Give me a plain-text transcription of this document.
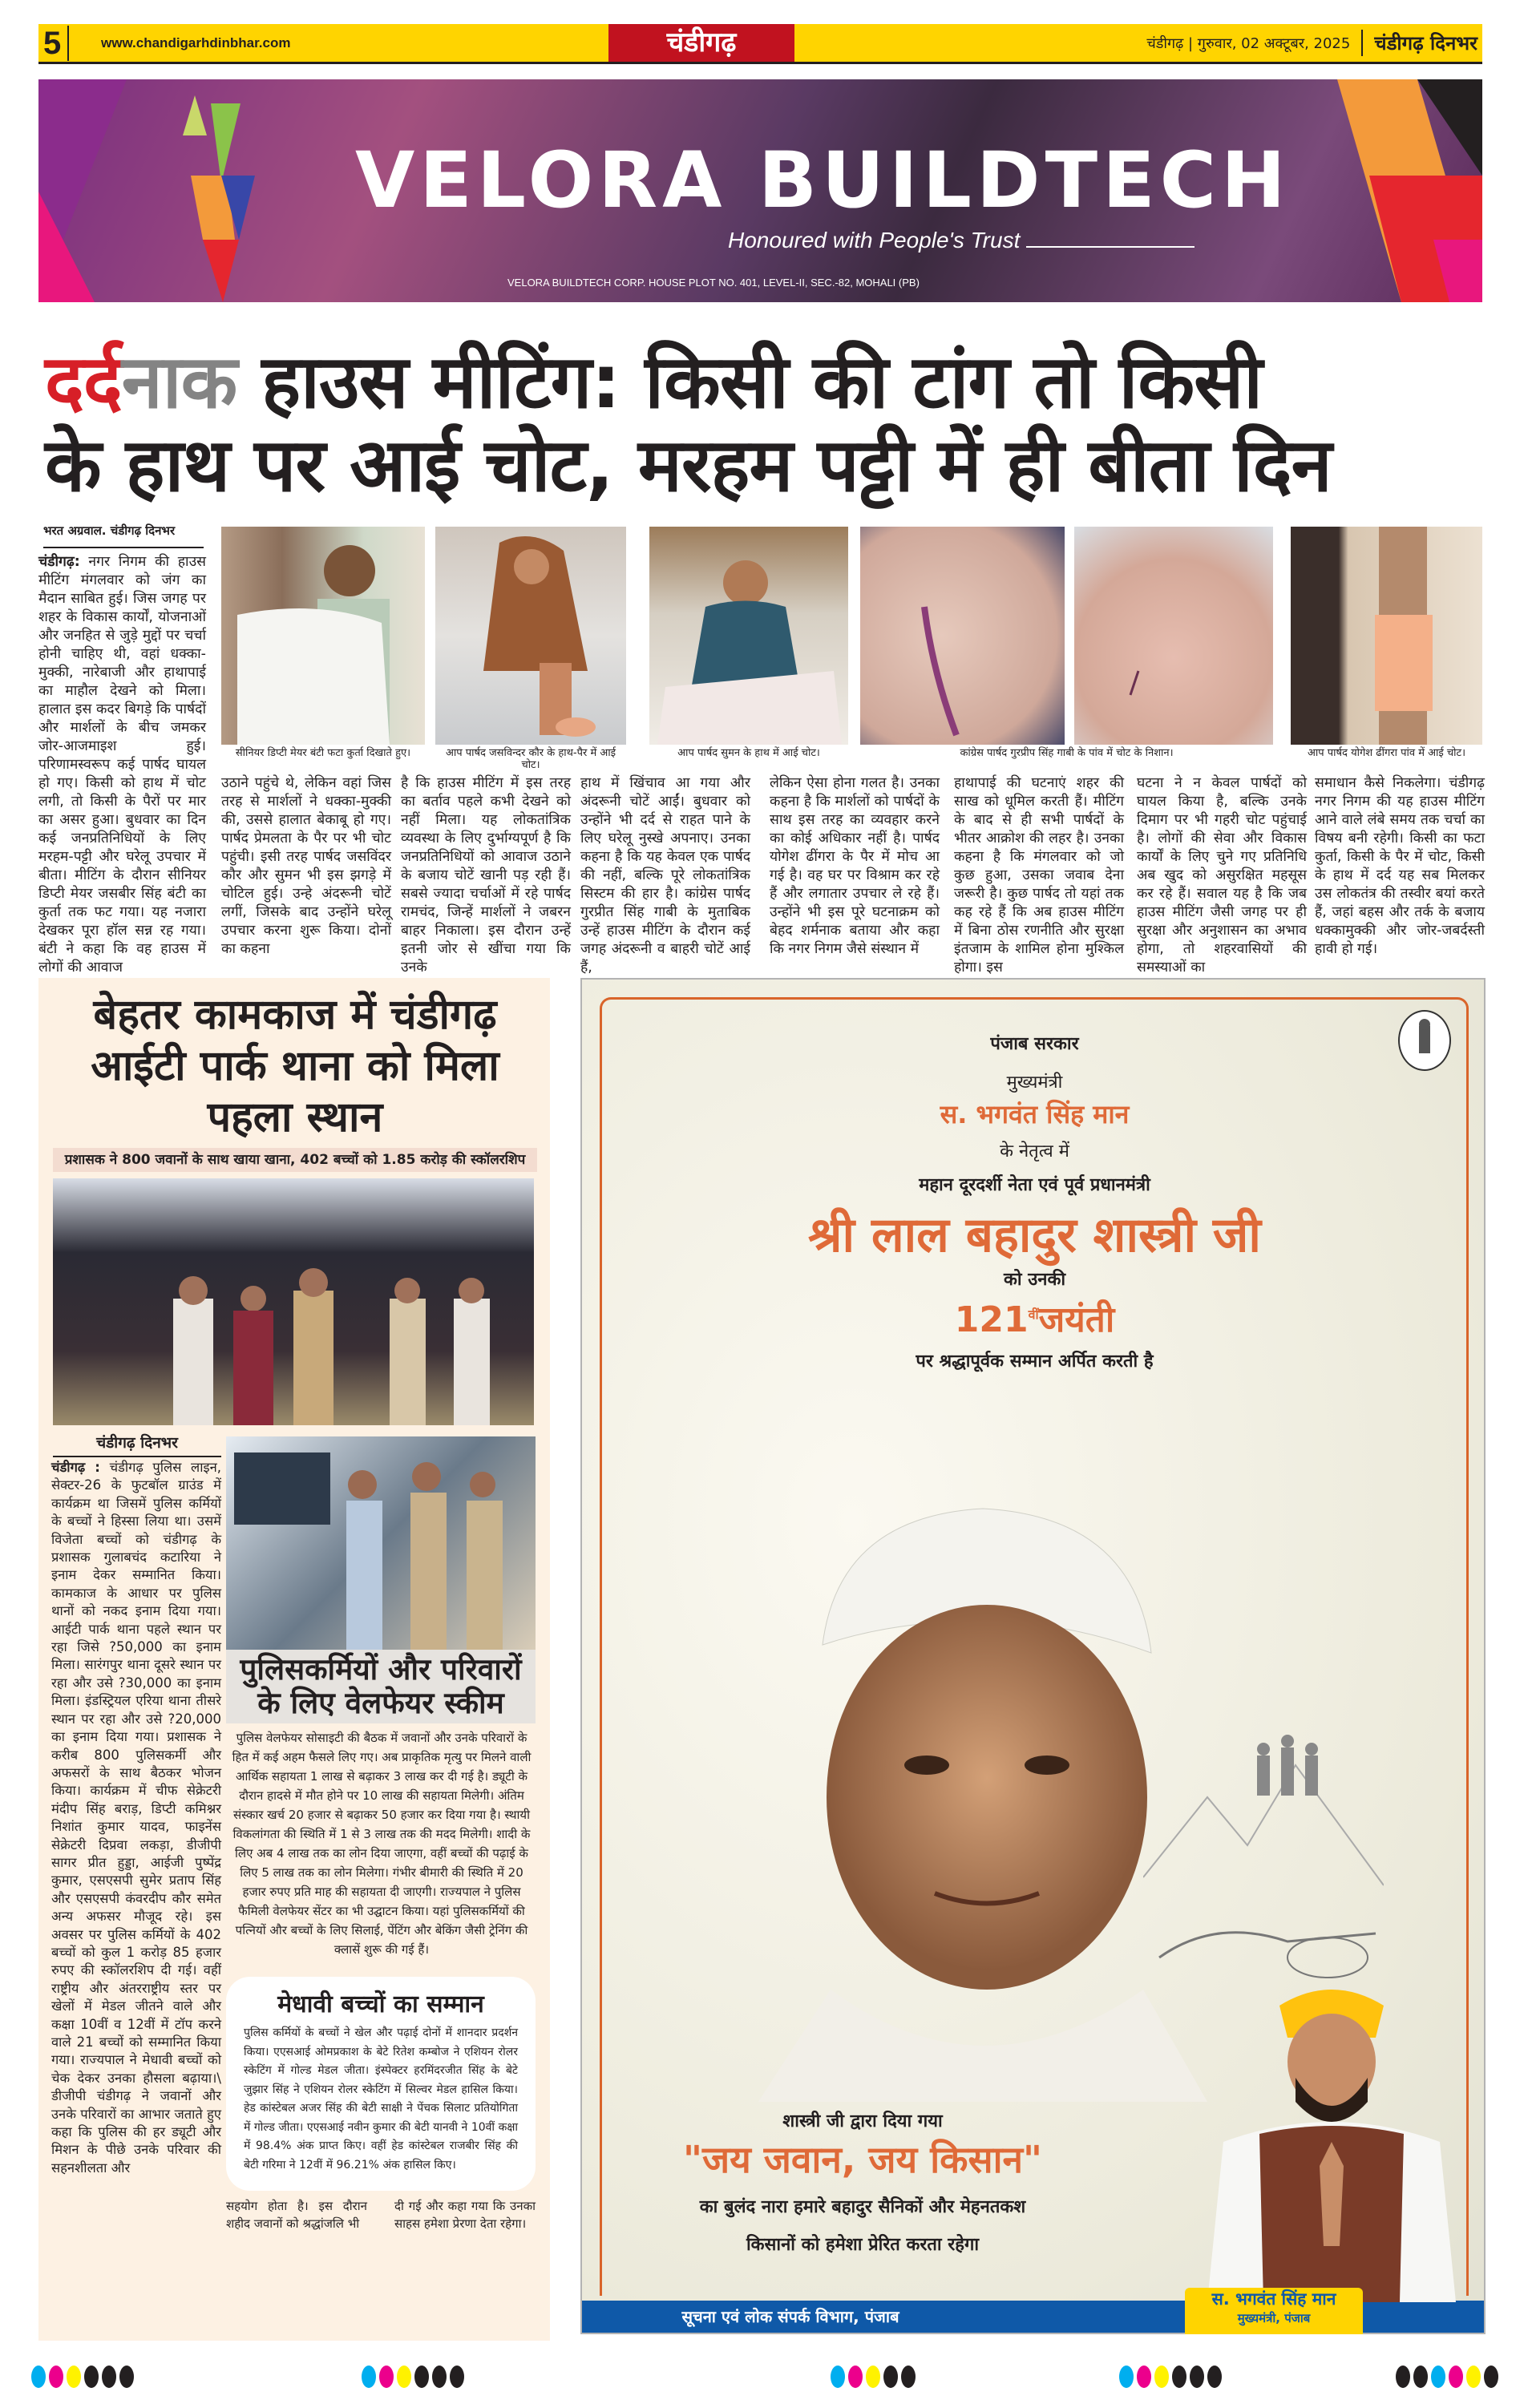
5	www.chandigarhdinbhar.com	चंडीगढ़	चंडीगढ़ | गुरुवार, 02 अक्टूबर, 2025	चंडीगढ़ दिनभर
VELORA BUILDTECH
Honoured with People's Trust
VELORA BUILDTECH CORP. HOUSE PLOT NO. 401, LEVEL-II, SEC.-82, MOHALI (PB)
दर्दनाक हाउस मीटिंग: किसी की टांग तो किसी
के हाथ पर आई चोट, मरहम पट्टी में ही बीता दिन
भरत अग्रवाल. चंडीगढ़ दिनभर
चंडीगढ़: नगर निगम की हाउस मीटिंग मंगलवार को जंग का मैदान साबित हुई। जिस जगह पर शहर के विकास कार्यों, योजनाओं और जनहित से जुड़े मुद्दों पर चर्चा होनी चाहिए थी, वहां धक्का-मुक्की, नारेबाजी और हाथापाई का माहौल देखने को मिला। हालात इस कदर बिगड़े कि पार्षदों और मार्शलों के बीच जमकर जोर-आजमाइश हुई। परिणामस्वरूप कई पार्षद घायल हो गए। किसी को हाथ में चोट लगी, तो किसी के पैरों पर मार का असर हुआ। बुधवार का दिन कई जनप्रतिनिधियों के लिए मरहम-पट्टी और घरेलू उपचार में बीता। मीटिंग के दौरान सीनियर डिप्टी मेयर जसबीर सिंह बंटी का कुर्ता तक फट गया। यह नजारा देखकर पूरा हॉल सन्न रह गया। बंटी ने कहा कि वह हाउस में लोगों की आवाज
सीनियर डिप्टी मेयर बंटी फटा कुर्ता दिखाते हुए।	आप पार्षद जसविन्दर कौर के हाथ-पैर में आई चोट।
आप पार्षद सुमन के हाथ में आई चोट।	कांग्रेस पार्षद गुरप्रीप सिंह गाबी के पांव में चोट के निशान।	आप पार्षद योगेश ढींगरा पांव में आई चोट।
उठाने पहुंचे थे, लेकिन वहां जिस तरह से मार्शलों ने धक्का-मुक्की की, उससे हालात बेकाबू हो गए। पार्षद प्रेमलता के पैर पर भी चोट पहुंची। इसी तरह पार्षद जसविंदर कौर और सुमन भी इस झगड़े में चोटिल हुई। उन्हे अंदरूनी चोटें लगीं, जिसके बाद उन्होंने घरेलू उपचार करना शुरू किया। दोनों का कहना
है कि हाउस मीटिंग में इस तरह का बर्ताव पहले कभी देखने को नहीं मिला। यह लोकतांत्रिक व्यवस्था के लिए दुर्भाग्यपूर्ण है कि जनप्रतिनिधियों को आवाज उठाने के बजाय चोटें खानी पड़ रही हैं। सबसे ज्यादा चर्चाओं में रहे पार्षद रामचंद, जिन्हें मार्शलों ने जबरन बाहर निकाला। इस दौरान उन्हें इतनी जोर से खींचा गया कि उनके
हाथ में खिंचाव आ गया और अंदरूनी चोटें आईं। बुधवार को उन्होंने भी दर्द से राहत पाने के लिए घरेलू नुस्खे अपनाए। उनका कहना है कि यह केवल एक पार्षद की नहीं, बल्कि पूरे लोकतांत्रिक सिस्टम की हार है। कांग्रेस पार्षद गुरप्रीत सिंह गाबी के मुताबिक उन्हें हाउस मीटिंग के दौरान कई जगह अंदरूनी व बाहरी चोटें आई हैं,
लेकिन ऐसा होना गलत है। उनका कहना है कि मार्शलों को पार्षदों के साथ इस तरह का व्यवहार करने का कोई अधिकार नहीं है। पार्षद योगेश ढींगरा के पैर में मोच आ गई है। वह घर पर विश्राम कर रहे हैं और लगातार उपचार ले रहे हैं। उन्होंने भी इस पूरे घटनाक्रम को बेहद शर्मनाक बताया और कहा कि नगर निगम जैसे संस्थान में
हाथापाई की घटनाएं शहर की साख को धूमिल करती हैं। मीटिंग के बाद से ही सभी पार्षदों के भीतर आक्रोश की लहर है। उनका कहना है कि मंगलवार को जो कुछ हुआ, उसका जवाब देना जरूरी है। कुछ पार्षद तो यहां तक कह रहे हैं कि अब हाउस मीटिंग में बिना ठोस रणनीति और सुरक्षा इंतजाम के शामिल होना मुश्किल होगा। इस
घटना ने न केवल पार्षदों को घायल किया है, बल्कि उनके दिमाग पर भी गहरी चोट पहुंचाई है। लोगों की सेवा और विकास कार्यों के लिए चुने गए प्रतिनिधि अब खुद को असुरक्षित महसूस कर रहे हैं। सवाल यह है कि जब हाउस मीटिंग जैसी जगह पर ही सुरक्षा और अनुशासन का अभाव होगा, तो शहरवासियों की समस्याओं का
समाधान कैसे निकलेगा। चंडीगढ़ नगर निगम की यह हाउस मीटिंग आने वाले लंबे समय तक चर्चा का विषय बनी रहेगी। किसी का फटा कुर्ता, किसी के पैर में चोट, किसी के हाथ में दर्द यह सब मिलकर उस लोकतंत्र की तस्वीर बयां करते हैं, जहां बहस और तर्क के बजाय धक्कामुक्की और जोर-जबर्दस्ती हावी हो गई।
बेहतर कामकाज में चंडीगढ़ आईटी पार्क थाना को मिला पहला स्थान
प्रशासक ने 800 जवानों के साथ खाया खाना, 402 बच्चों को 1.85 करोड़ की स्कॉलरशिप
चंडीगढ़ दिनभर
चंडीगढ़ : चंडीगढ़ पुलिस लाइन, सेक्टर-26 के फुटबॉल ग्राउंड में कार्यक्रम था जिसमें पुलिस कर्मियों के बच्चों ने हिस्सा लिया था। उसमें विजेता बच्चों को चंडीगढ़ के प्रशासक गुलाबचंद कटारिया ने इनाम देकर सम्मानित किया। कामकाज के आधार पर पुलिस थानों को नकद इनाम दिया गया। आईटी पार्क थाना पहले स्थान पर रहा जिसे ?50,000 का इनाम मिला। सारंगपुर थाना दूसरे स्थान पर रहा और उसे ?30,000 का इनाम मिला। इंडस्ट्रियल एरिया थाना तीसरे स्थान पर रहा और उसे ?20,000 का इनाम दिया गया। प्रशासक ने करीब 800 पुलिसकर्मी और अफसरों के साथ बैठकर भोजन किया। कार्यक्रम में चीफ सेक्रेटरी मंदीप सिंह बराड़, डिप्टी कमिश्नर निशांत कुमार यादव, फाइनेंस सेक्रेटरी दिप्रवा लकड़ा, डीजीपी सागर प्रीत हुड्डा, आईजी पुष्पेंद्र कुमार, एसएसपी सुमेर प्रताप सिंह और एसएसपी कंवरदीप कौर समेत अन्य अफसर मौजूद रहे। इस अवसर पर पुलिस कर्मियों के 402 बच्चों को कुल 1 करोड़ 85 हजार रुपए की स्कॉलरशिप दी गई। वहीं राष्ट्रीय और अंतरराष्ट्रीय स्तर पर खेलों में मेडल जीतने वाले और कक्षा 10वीं व 12वीं में टॉप करने वाले 21 बच्चों को सम्मानित किया गया। राज्यपाल ने मेधावी बच्चों को चेक देकर उनका हौसला बढ़ाया।\ डीजीपी चंडीगढ़ ने जवानों और उनके परिवारों का आभार जताते हुए कहा कि पुलिस की हर ड्यूटी और मिशन के पीछे उनके परिवार की सहनशीलता और
पुलिसकर्मियों और परिवारों के लिए वेलफेयर स्कीम
पुलिस वेलफेयर सोसाइटी की बैठक में जवानों और उनके परिवारों के हित में कई अहम फैसले लिए गए। अब प्राकृतिक मृत्यु पर मिलने वाली आर्थिक सहायता 1 लाख से बढ़ाकर 3 लाख कर दी गई है। ड्यूटी के दौरान हादसे में मौत होने पर 10 लाख की सहायता मिलेगी। अंतिम संस्कार खर्च 20 हजार से बढ़ाकर 50 हजार कर दिया गया है। स्थायी विकलांगता की स्थिति में 1 से 3 लाख तक की मदद मिलेगी। शादी के लिए अब 4 लाख तक का लोन दिया जाएगा, वहीं बच्चों की पढ़ाई के लिए 5 लाख तक का लोन मिलेगा। गंभीर बीमारी की स्थिति में 20 हजार रुपए प्रति माह की सहायता दी जाएगी। राज्यपाल ने पुलिस फैमिली वेलफेयर सेंटर का भी उद्घाटन किया। यहां पुलिसकर्मियों की पत्नियों और बच्चों के लिए सिलाई, पेंटिंग और बेकिंग जैसी ट्रेनिंग की क्लासें शुरू की गई हैं।
मेधावी बच्चों का सम्मान
पुलिस कर्मियों के बच्चों ने खेल और पढ़ाई दोनों में शानदार प्रदर्शन किया। एएसआई ओमप्रकाश के बेटे रितेश कम्बोज ने एशियन रोलर स्केटिंग में गोल्ड मेडल जीता। इंस्पेक्टर हरमिंदरजीत सिंह के बेटे जुझार सिंह ने एशियन रोलर स्केटिंग में सिल्वर मेडल हासिल किया। हेड कांस्टेबल अजर सिंह की बेटी साक्षी ने पेंचक सिलाट प्रतियोगिता में गोल्ड जीता। एएसआई नवीन कुमार की बेटी यानवी ने 10वीं कक्षा में 98.4% अंक प्राप्त किए। वहीं हेड कांस्टेबल राजबीर सिंह की बेटी गरिमा ने 12वीं में 96.21% अंक हासिल किए।
सहयोग होता है। इस दौरान शहीद जवानों को श्रद्धांजलि भी
दी गई और कहा गया कि उनका साहस हमेशा प्रेरणा देता रहेगा।
पंजाब सरकार
मुख्यमंत्री
स. भगवंत सिंह मान
के नेतृत्व में
महान दूरदर्शी नेता एवं पूर्व प्रधानमंत्री
श्री लाल बहादुर शास्त्री जी
को उनकी
$121^{वीं}जयंती$
पर श्रद्धापूर्वक सम्मान अर्पित करती है
शास्त्री जी द्वारा दिया गया
"जय जवान, जय किसान"
का बुलंद नारा हमारे बहादुर सैनिकों और मेहनतकश
किसानों को हमेशा प्रेरित करता रहेगा
सूचना एवं लोक संपर्क विभाग, पंजाब
स. भगवंत सिंह मान
मुख्यमंत्री, पंजाब
